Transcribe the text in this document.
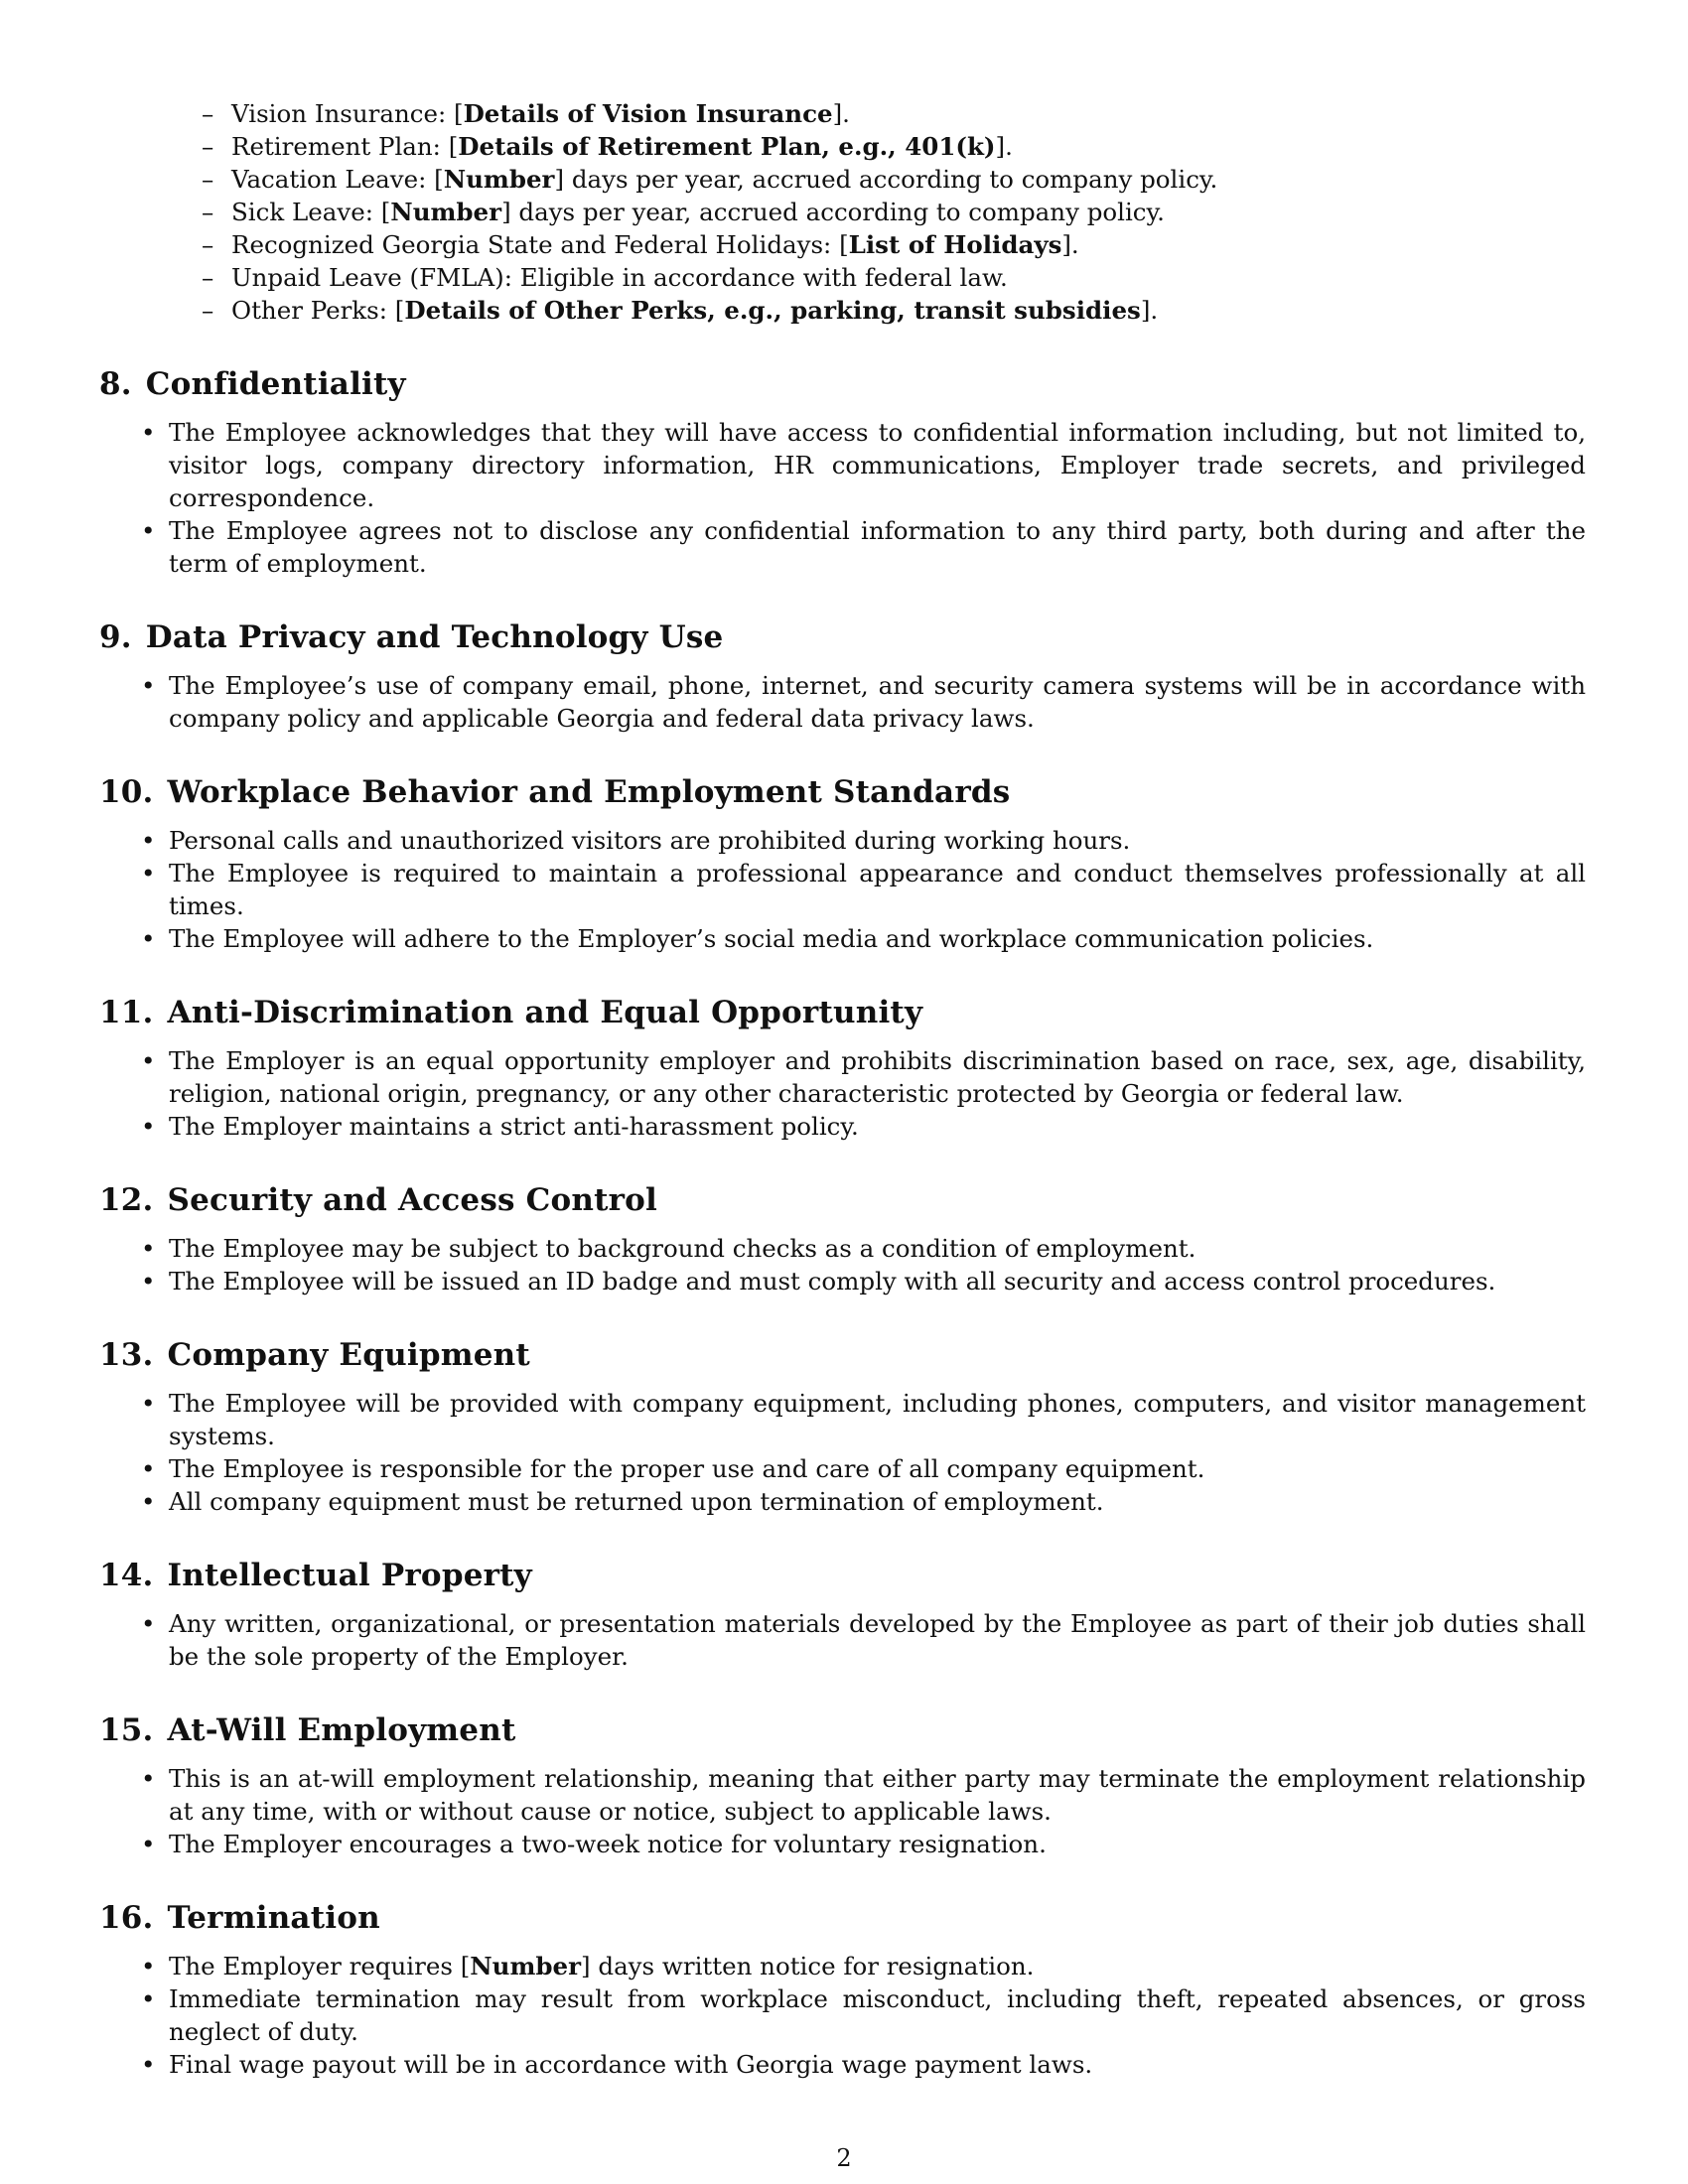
– Vision Insurance: [Details of Vision Insurance].
– Retirement Plan: [Details of Retirement Plan, e.g., 401(k)].
– Vacation Leave: [Number] days per year, accrued according to company policy.
– Sick Leave: [Number] days per year, accrued according to company policy.
– Recognized Georgia State and Federal Holidays: [List of Holidays].
– Unpaid Leave (FMLA): Eligible in accordance with federal law.
– Other Perks: [Details of Other Perks, e.g., parking, transit subsidies].
8. Confidentiality
• The Employee acknowledges that they will have access to confidential information including, but not limited to, visitor logs, company directory information, HR communications, Employer trade secrets, and privileged correspondence.
• The Employee agrees not to disclose any confidential information to any third party, both during and after the term of employment.
9. Data Privacy and Technology Use
• The Employee’s use of company email, phone, internet, and security camera systems will be in accordance with company policy and applicable Georgia and federal data privacy laws.
10. Workplace Behavior and Employment Standards
• Personal calls and unauthorized visitors are prohibited during working hours.
• The Employee is required to maintain a professional appearance and conduct themselves professionally at all times.
• The Employee will adhere to the Employer’s social media and workplace communication policies.
11. Anti-Discrimination and Equal Opportunity
• The Employer is an equal opportunity employer and prohibits discrimination based on race, sex, age, disability, religion, national origin, pregnancy, or any other characteristic protected by Georgia or federal law.
• The Employer maintains a strict anti-harassment policy.
12. Security and Access Control
• The Employee may be subject to background checks as a condition of employment.
• The Employee will be issued an ID badge and must comply with all security and access control procedures.
13. Company Equipment
• The Employee will be provided with company equipment, including phones, computers, and visitor management systems.
• The Employee is responsible for the proper use and care of all company equipment.
• All company equipment must be returned upon termination of employment.
14. Intellectual Property
• Any written, organizational, or presentation materials developed by the Employee as part of their job duties shall be the sole property of the Employer.
15. At-Will Employment
• This is an at-will employment relationship, meaning that either party may terminate the employment relationship at any time, with or without cause or notice, subject to applicable laws.
• The Employer encourages a two-week notice for voluntary resignation.
16. Termination
• The Employer requires [Number] days written notice for resignation.
• Immediate termination may result from workplace misconduct, including theft, repeated absences, or gross neglect of duty.
• Final wage payout will be in accordance with Georgia wage payment laws.
2
